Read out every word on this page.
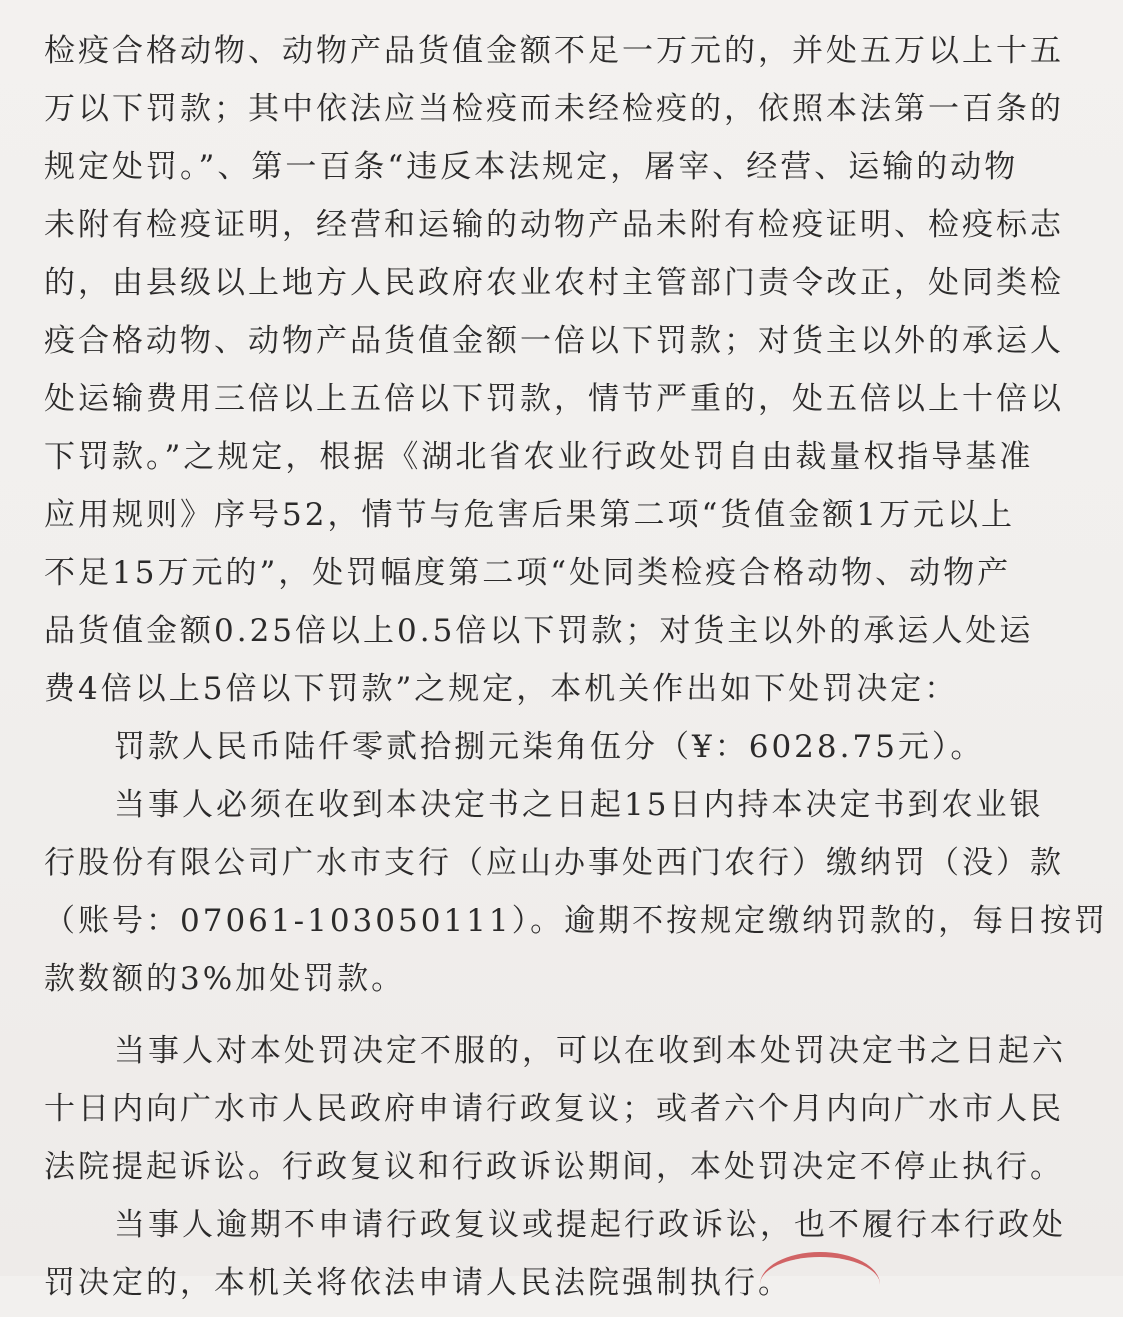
检疫合格动物、动物产品货值金额不足一万元的，并处五万以上十五
万以下罚款；其中依法应当检疫而未经检疫的，依照本法第一百条的
规定处罚。”、第一百条“违反本法规定，屠宰、经营、运输的动物
未附有检疫证明，经营和运输的动物产品未附有检疫证明、检疫标志
的，由县级以上地方人民政府农业农村主管部门责令改正，处同类检
疫合格动物、动物产品货值金额一倍以下罚款；对货主以外的承运人
处运输费用三倍以上五倍以下罚款，情节严重的，处五倍以上十倍以
下罚款。”之规定，根据《湖北省农业行政处罚自由裁量权指导基准
应用规则》序号52，情节与危害后果第二项“货值金额1万元以上
不足15万元的”，处罚幅度第二项“处同类检疫合格动物、动物产
品货值金额0.25倍以上0.5倍以下罚款；对货主以外的承运人处运
费4倍以上5倍以下罚款”之规定，本机关作出如下处罚决定：
罚款人民币陆仟零贰拾捌元柒角伍分（¥：6028.75元）。
当事人必须在收到本决定书之日起15日内持本决定书到农业银
行股份有限公司广水市支行（应山办事处西门农行）缴纳罚（没）款
（账号：07061-103050111）。逾期不按规定缴纳罚款的，每日按罚
款数额的3%加处罚款。
当事人对本处罚决定不服的，可以在收到本处罚决定书之日起六
十日内向广水市人民政府申请行政复议；或者六个月内向广水市人民
法院提起诉讼。行政复议和行政诉讼期间，本处罚决定不停止执行。
当事人逾期不申请行政复议或提起行政诉讼，也不履行本行政处
罚决定的，本机关将依法申请人民法院强制执行。
